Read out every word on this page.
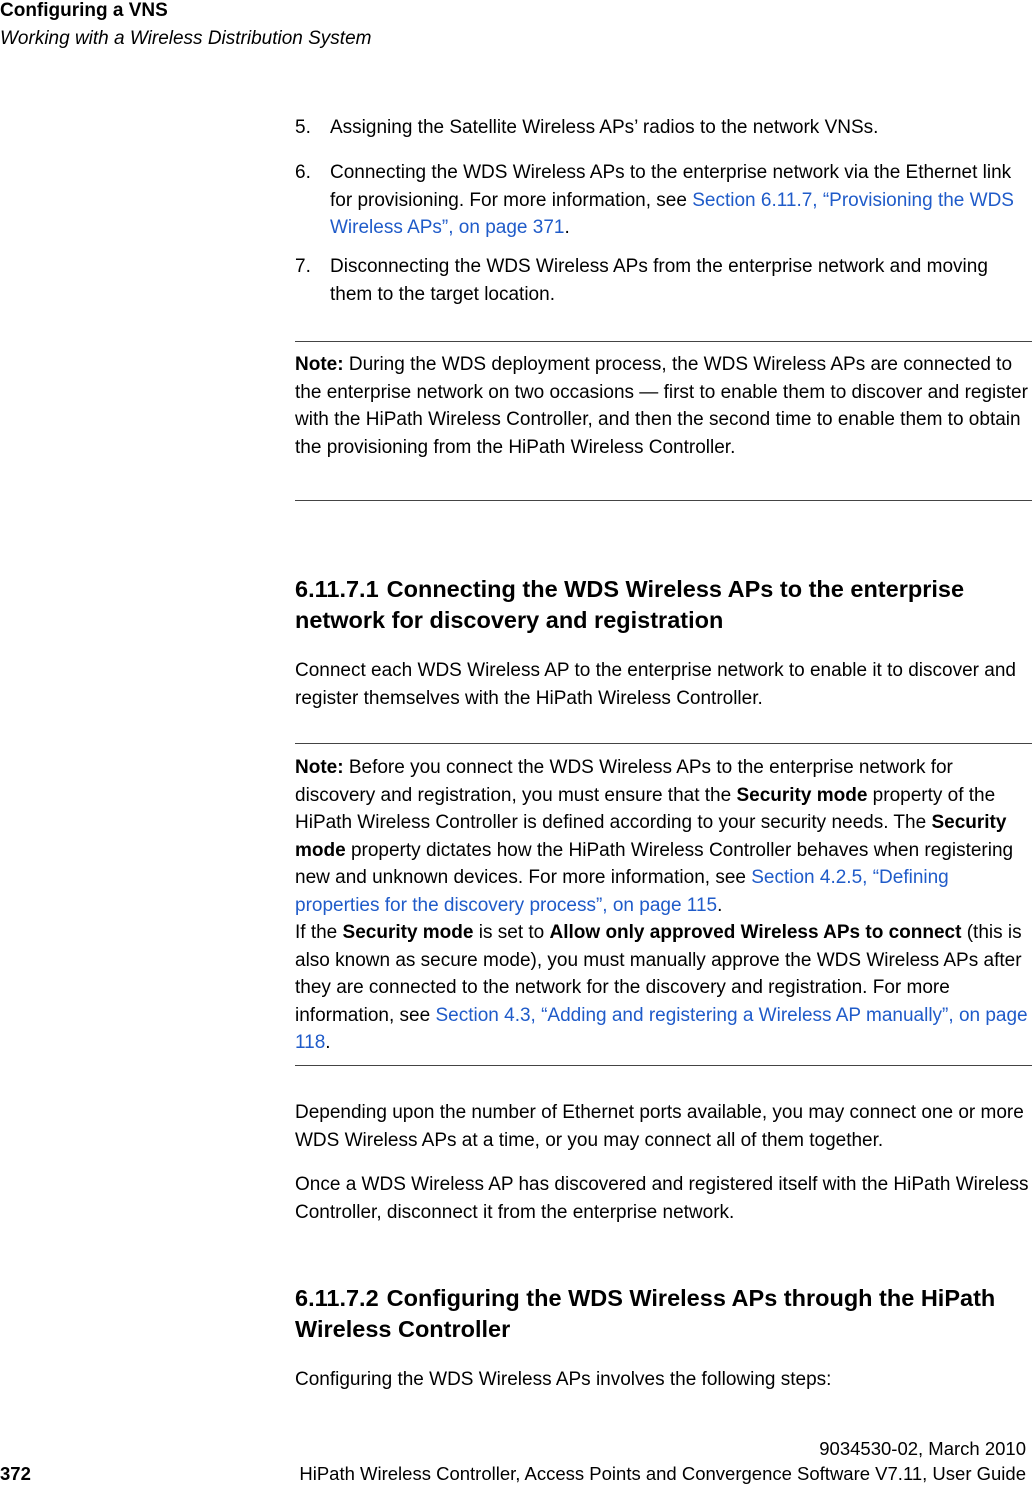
Configuring a VNS
Working with a Wireless Distribution System
5.	Assigning the Satellite Wireless APs’ radios to the network VNSs.
6.	Connecting the WDS Wireless APs to the enterprise network via the Ethernet link for provisioning. For more information, see Section 6.11.7, “Provisioning the WDS Wireless APs”, on page 371.
7.	Disconnecting the WDS Wireless APs from the enterprise network and moving them to the target location.
Note: During the WDS deployment process, the WDS Wireless APs are connected to the enterprise network on two occasions — first to enable them to discover and register with the HiPath Wireless Controller, and then the second time to enable them to obtain the provisioning from the HiPath Wireless Controller.
6.11.7.1 Connecting the WDS Wireless APs to the enterprise network for discovery and registration
Connect each WDS Wireless AP to the enterprise network to enable it to discover and register themselves with the HiPath Wireless Controller.
Note: Before you connect the WDS Wireless APs to the enterprise network for discovery and registration, you must ensure that the Security mode property of the HiPath Wireless Controller is defined according to your security needs. The Security mode property dictates how the HiPath Wireless Controller behaves when registering new and unknown devices. For more information, see Section 4.2.5, “Defining properties for the discovery process”, on page 115.
If the Security mode is set to Allow only approved Wireless APs to connect (this is also known as secure mode), you must manually approve the WDS Wireless APs after they are connected to the network for the discovery and registration. For more information, see Section 4.3, “Adding and registering a Wireless AP manually”, on page 118.
Depending upon the number of Ethernet ports available, you may connect one or more WDS Wireless APs at a time, or you may connect all of them together.
Once a WDS Wireless AP has discovered and registered itself with the HiPath Wireless Controller, disconnect it from the enterprise network.
6.11.7.2 Configuring the WDS Wireless APs through the HiPath Wireless Controller
Configuring the WDS Wireless APs involves the following steps:
9034530-02, March 2010
372	HiPath Wireless Controller, Access Points and Convergence Software V7.11, User Guide
